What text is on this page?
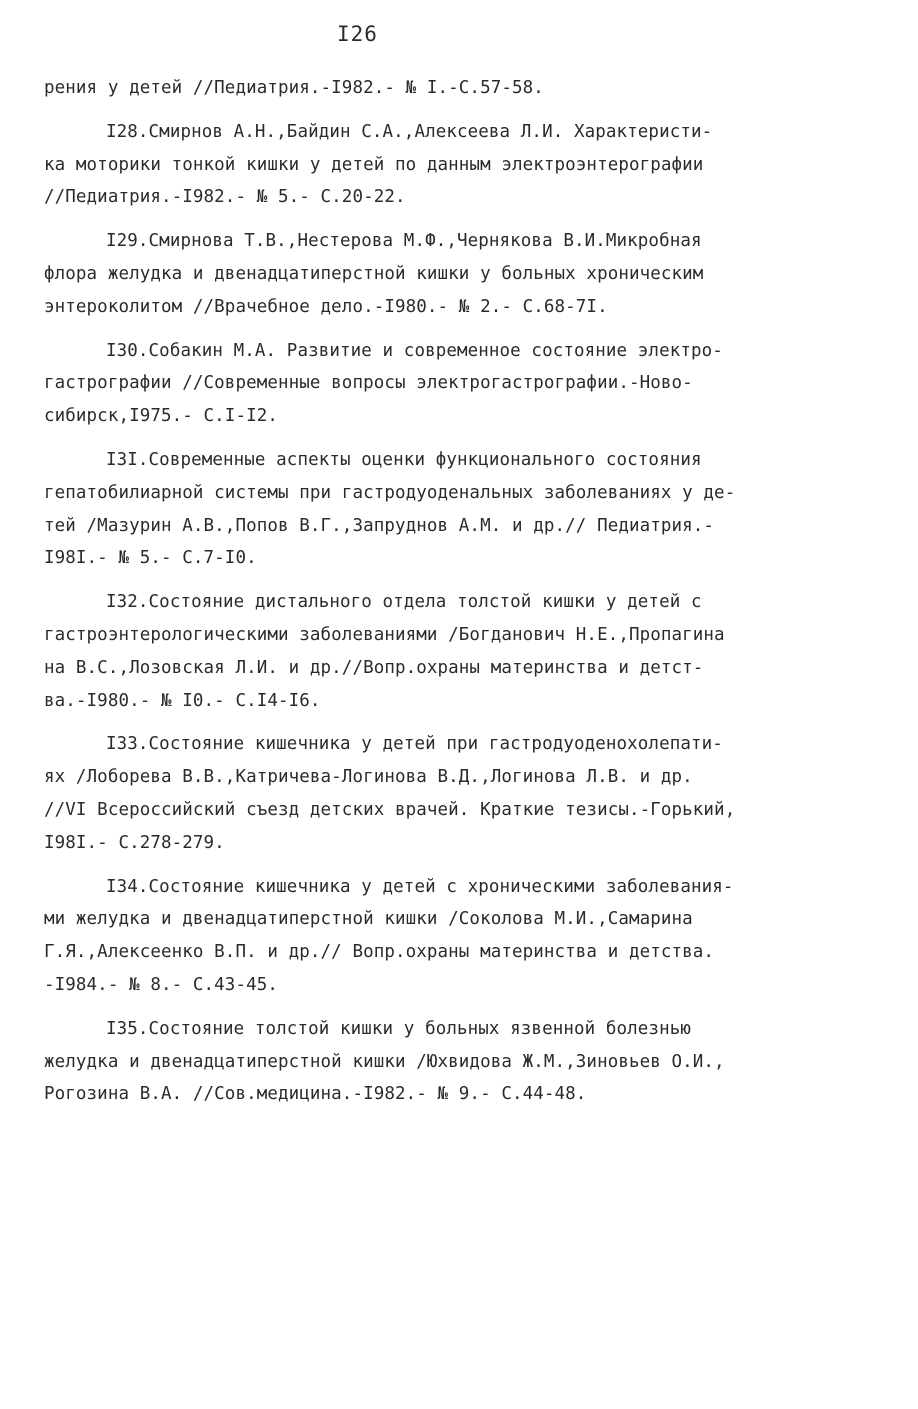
I26
рения у детей //Педиатрия.-I982.- № I.-С.57-58.
I28.Смирнов А.Н.,Байдин С.А.,Алексеева Л.И. Характеристи-
ка моторики тонкой кишки у детей по данным электроэнтерографии
//Педиатрия.-I982.- № 5.- С.20-22.
I29.Смирнова Т.В.,Нестерова М.Ф.,Чернякова В.И.Микробная
флора желудка и двенадцатиперстной кишки у больных хроническим
энтероколитом //Врачебное дело.-I980.- № 2.- С.68-7I.
I30.Собакин М.А. Развитие и современное состояние электро-
гастрографии //Современные вопросы электрогастрографии.-Ново-
сибирск,I975.- С.I-I2.
I3I.Современные аспекты оценки функционального состояния
гепатобилиарной системы при гастродуоденальных заболеваниях у де-
тей /Мазурин А.В.,Попов В.Г.,Запруднов А.М. и др.// Педиатрия.-
I98I.- № 5.- С.7-I0.
I32.Состояние дистального отдела толстой кишки у детей с
гастроэнтерологическими заболеваниями /Богданович Н.Е.,Пропагина
на В.С.,Лозовская Л.И. и др.//Вопр.охраны материнства и детст-
ва.-I980.- № I0.- С.I4-I6.
I33.Состояние кишечника у детей при гастродуоденохолепати-
ях /Лоборева В.В.,Катричева-Логинова В.Д.,Логинова Л.В. и др.
//VI Всероссийский съезд детских врачей. Краткие тезисы.-Горький,
I98I.- С.278-279.
I34.Состояние кишечника у детей с хроническими заболевания-
ми желудка и двенадцатиперстной кишки /Соколова М.И.,Самарина
Г.Я.,Алексеенко В.П. и др.// Вопр.охраны материнства и детства.
-I984.- № 8.- С.43-45.
I35.Состояние толстой кишки у больных язвенной болезнью
желудка и двенадцатиперстной кишки /Юхвидова Ж.М.,Зиновьев О.И.,
Рогозина В.А. //Сов.медицина.-I982.- № 9.- С.44-48.
